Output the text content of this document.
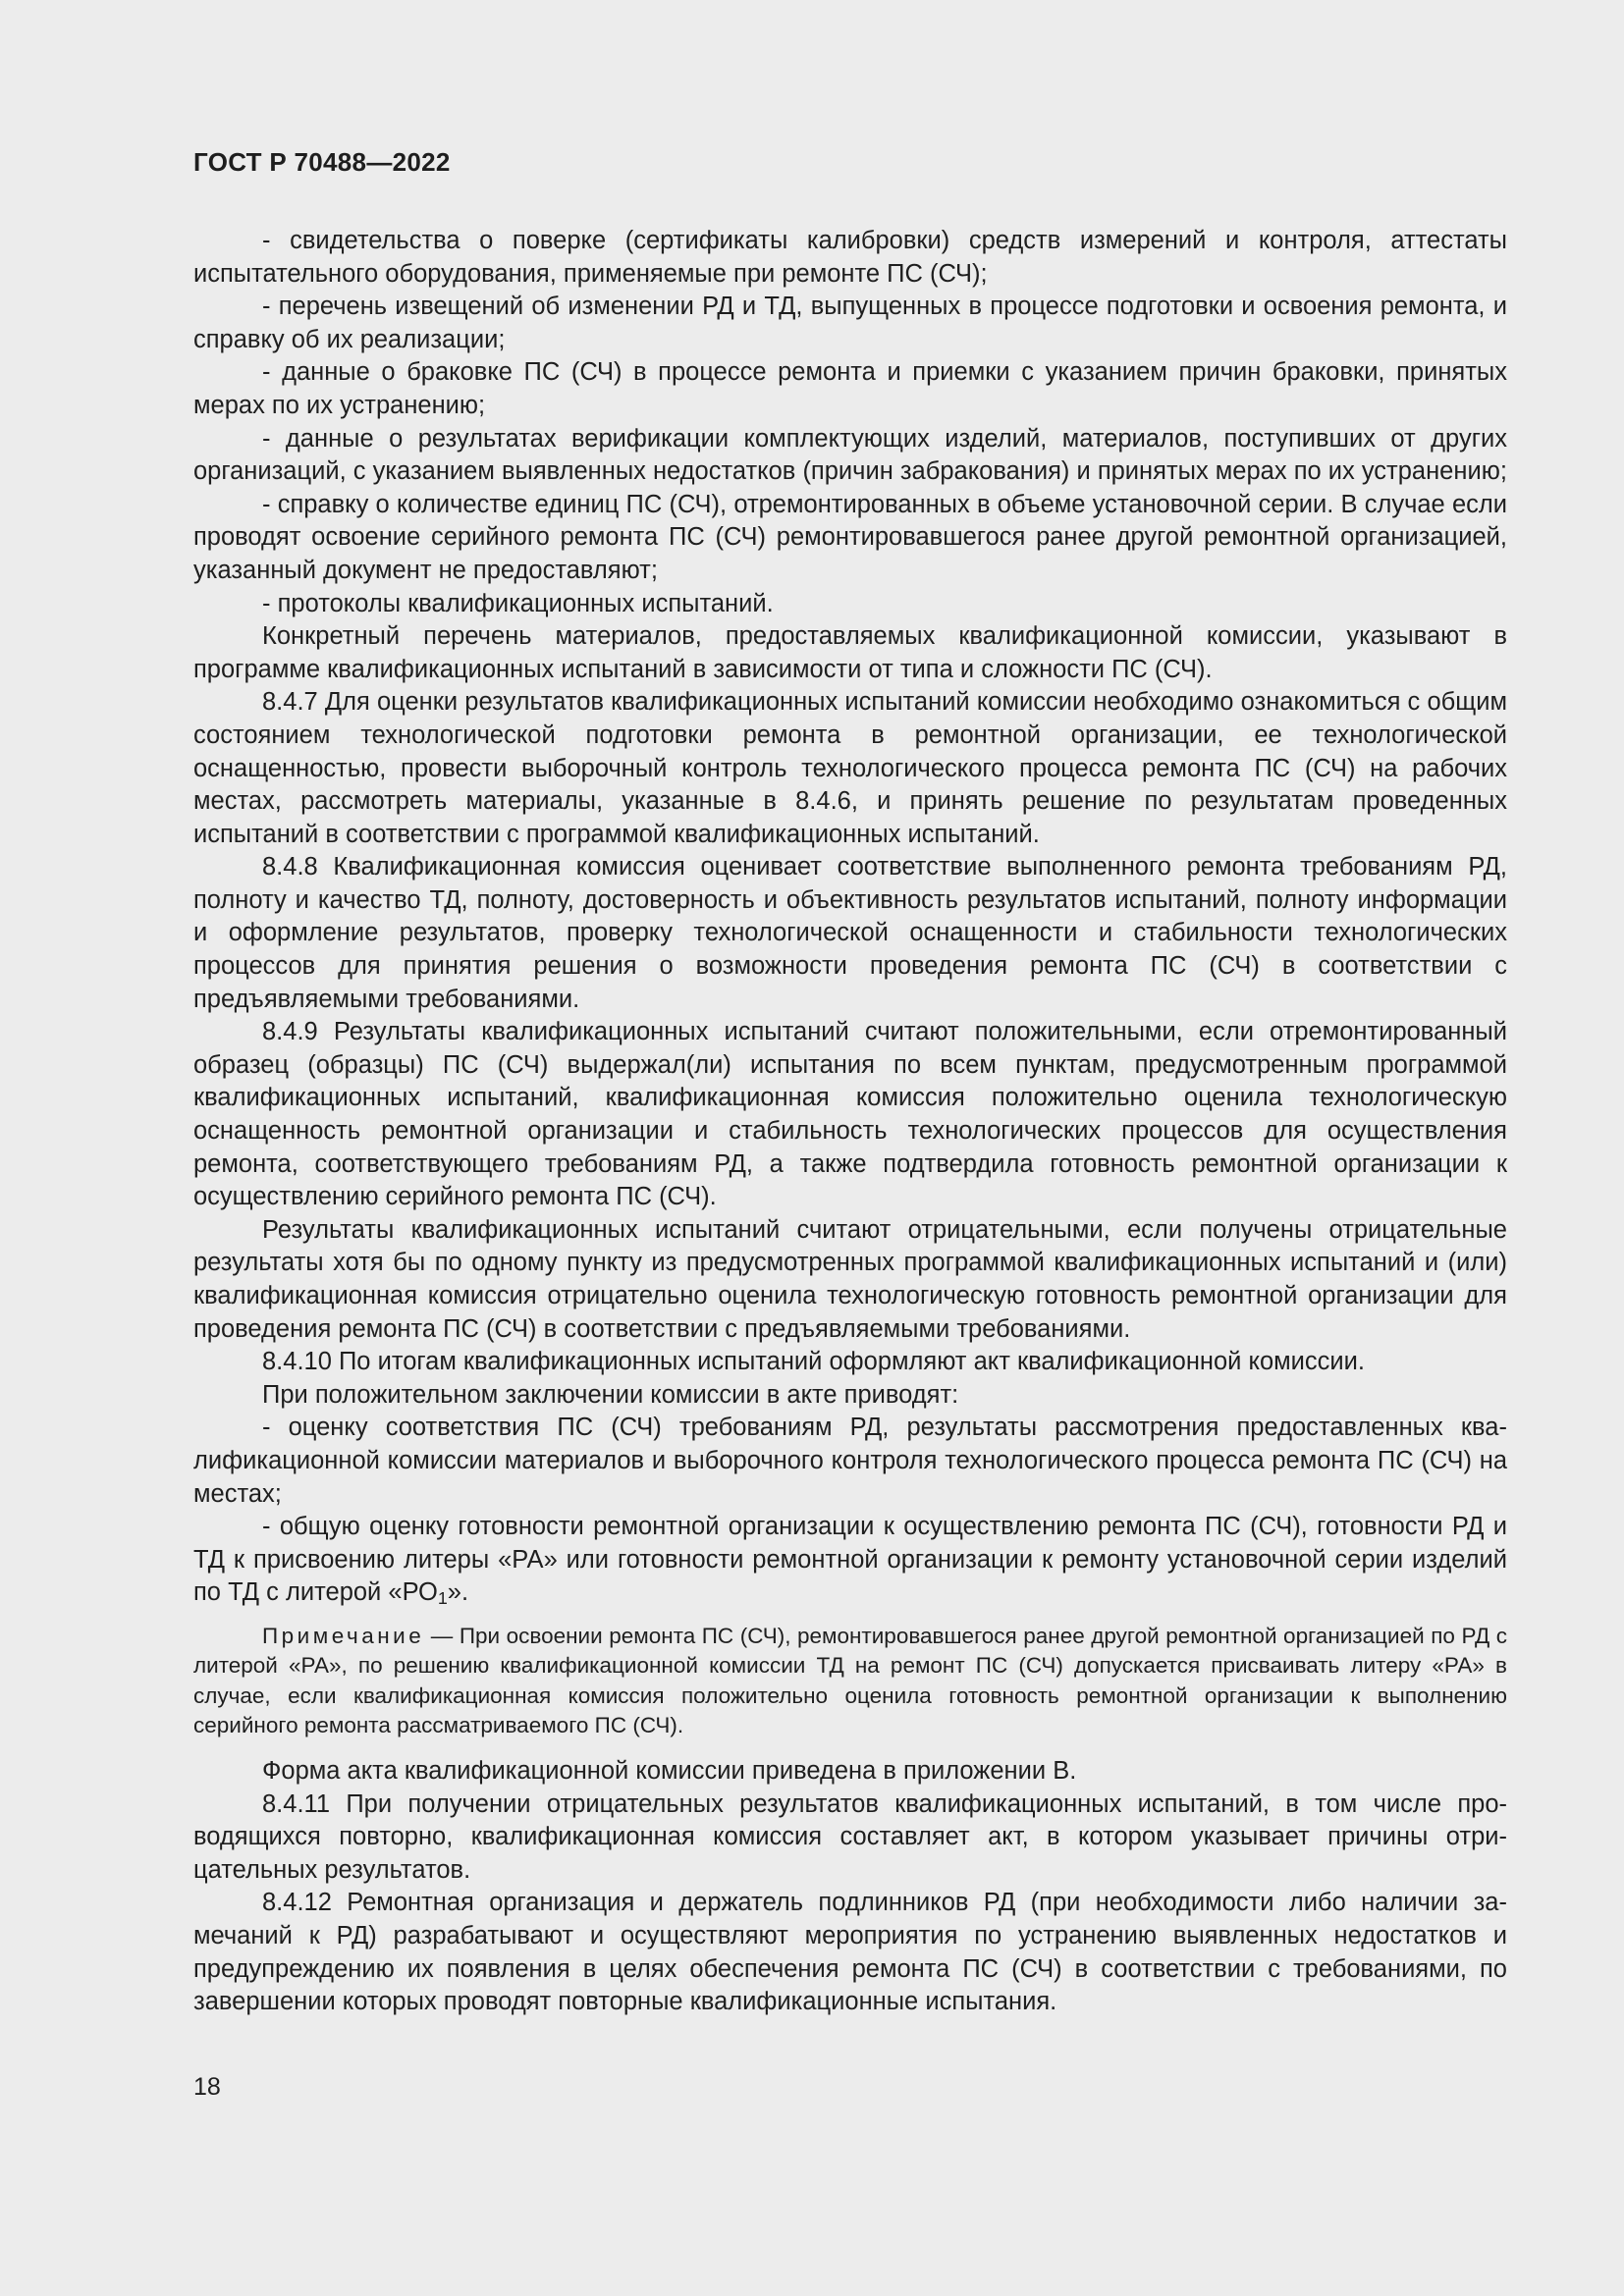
ГОСТ Р 70488—2022

- свидетельства о поверке (сертификаты калибровки) средств измерений и контроля, аттестаты испытательного оборудования, применяемые при ремонте ПС (СЧ);

- перечень извещений об изменении РД и ТД, выпущенных в процессе подготовки и освоения ремонта, и справку об их реализации;

- данные о браковке ПС (СЧ) в процессе ремонта и приемки с указанием причин браковки, принятых мерах по их устранению;

- данные о результатах верификации комплектующих изделий, материалов, поступивших от других организаций, с указанием выявленных недостатков (причин забракования) и принятых мерах по их устранению;

- справку о количестве единиц ПС (СЧ), отремонтированных в объеме установочной серии. В случае если проводят освоение серийного ремонта ПС (СЧ) ремонтировавшегося ранее другой ремонтной организацией, указанный документ не предоставляют;

- протоколы квалификационных испытаний.

Конкретный перечень материалов, предоставляемых квалификационной комиссии, указывают в программе квалификационных испытаний в зависимости от типа и сложности ПС (СЧ).

8.4.7 Для оценки результатов квалификационных испытаний комиссии необходимо ознакомиться с общим состоянием технологической подготовки ремонта в ремонтной организации, ее технологической оснащенностью, провести выборочный контроль технологического процесса ремонта ПС (СЧ) на рабочих местах, рассмотреть материалы, указанные в 8.4.6, и принять решение по результатам проведенных испытаний в соответствии с программой квалификационных испытаний.

8.4.8 Квалификационная комиссия оценивает соответствие выполненного ремонта требованиям РД, полноту и качество ТД, полноту, достоверность и объективность результатов испытаний, полноту информации и оформление результатов, проверку технологической оснащенности и стабильности технологических процессов для принятия решения о возможности проведения ремонта ПС (СЧ) в соответствии с предъявляемыми требованиями.

8.4.9 Результаты квалификационных испытаний считают положительными, если отремонтированный образец (образцы) ПС (СЧ) выдержал(ли) испытания по всем пунктам, предусмотренным программой квалификационных испытаний, квалификационная комиссия положительно оценила технологическую оснащенность ремонтной организации и стабильность технологических процессов для осуществления ремонта, соответствующего требованиям РД, а также подтвердила готовность ремонтной организации к осуществлению серийного ремонта ПС (СЧ).

Результаты квалификационных испытаний считают отрицательными, если получены отрицательные результаты хотя бы по одному пункту из предусмотренных программой квалификационных испытаний и (или) квалификационная комиссия отрицательно оценила технологическую готовность ремонтной организации для проведения ремонта ПС (СЧ) в соответствии с предъявляемыми требованиями.

8.4.10 По итогам квалификационных испытаний оформляют акт квалификационной комиссии.

При положительном заключении комиссии в акте приводят:

- оценку соответствия ПС (СЧ) требованиям РД, результаты рассмотрения предоставленных квалификационной комиссии материалов и выборочного контроля технологического процесса ремонта ПС (СЧ) на местах;

- общую оценку готовности ремонтной организации к осуществлению ремонта ПС (СЧ), готовности РД и ТД к присвоению литеры «РА» или готовности ремонтной организации к ремонту установочной серии изделий по ТД с литерой «$РО_1$».

Примечание — При освоении ремонта ПС (СЧ), ремонтировавшегося ранее другой ремонтной организацией по РД с литерой «РА», по решению квалификационной комиссии ТД на ремонт ПС (СЧ) допускается присваивать литеру «РА» в случае, если квалификационная комиссия положительно оценила готовность ремонтной организации к выполнению серийного ремонта рассматриваемого ПС (СЧ).

Форма акта квалификационной комиссии приведена в приложении В.

8.4.11 При получении отрицательных результатов квалификационных испытаний, в том числе проводящихся повторно, квалификационная комиссия составляет акт, в котором указывает причины отрицательных результатов.

8.4.12 Ремонтная организация и держатель подлинников РД (при необходимости либо наличии замечаний к РД) разрабатывают и осуществляют мероприятия по устранению выявленных недостатков и предупреждению их появления в целях обеспечения ремонта ПС (СЧ) в соответствии с требованиями, по завершении которых проводят повторные квалификационные испытания.

18
